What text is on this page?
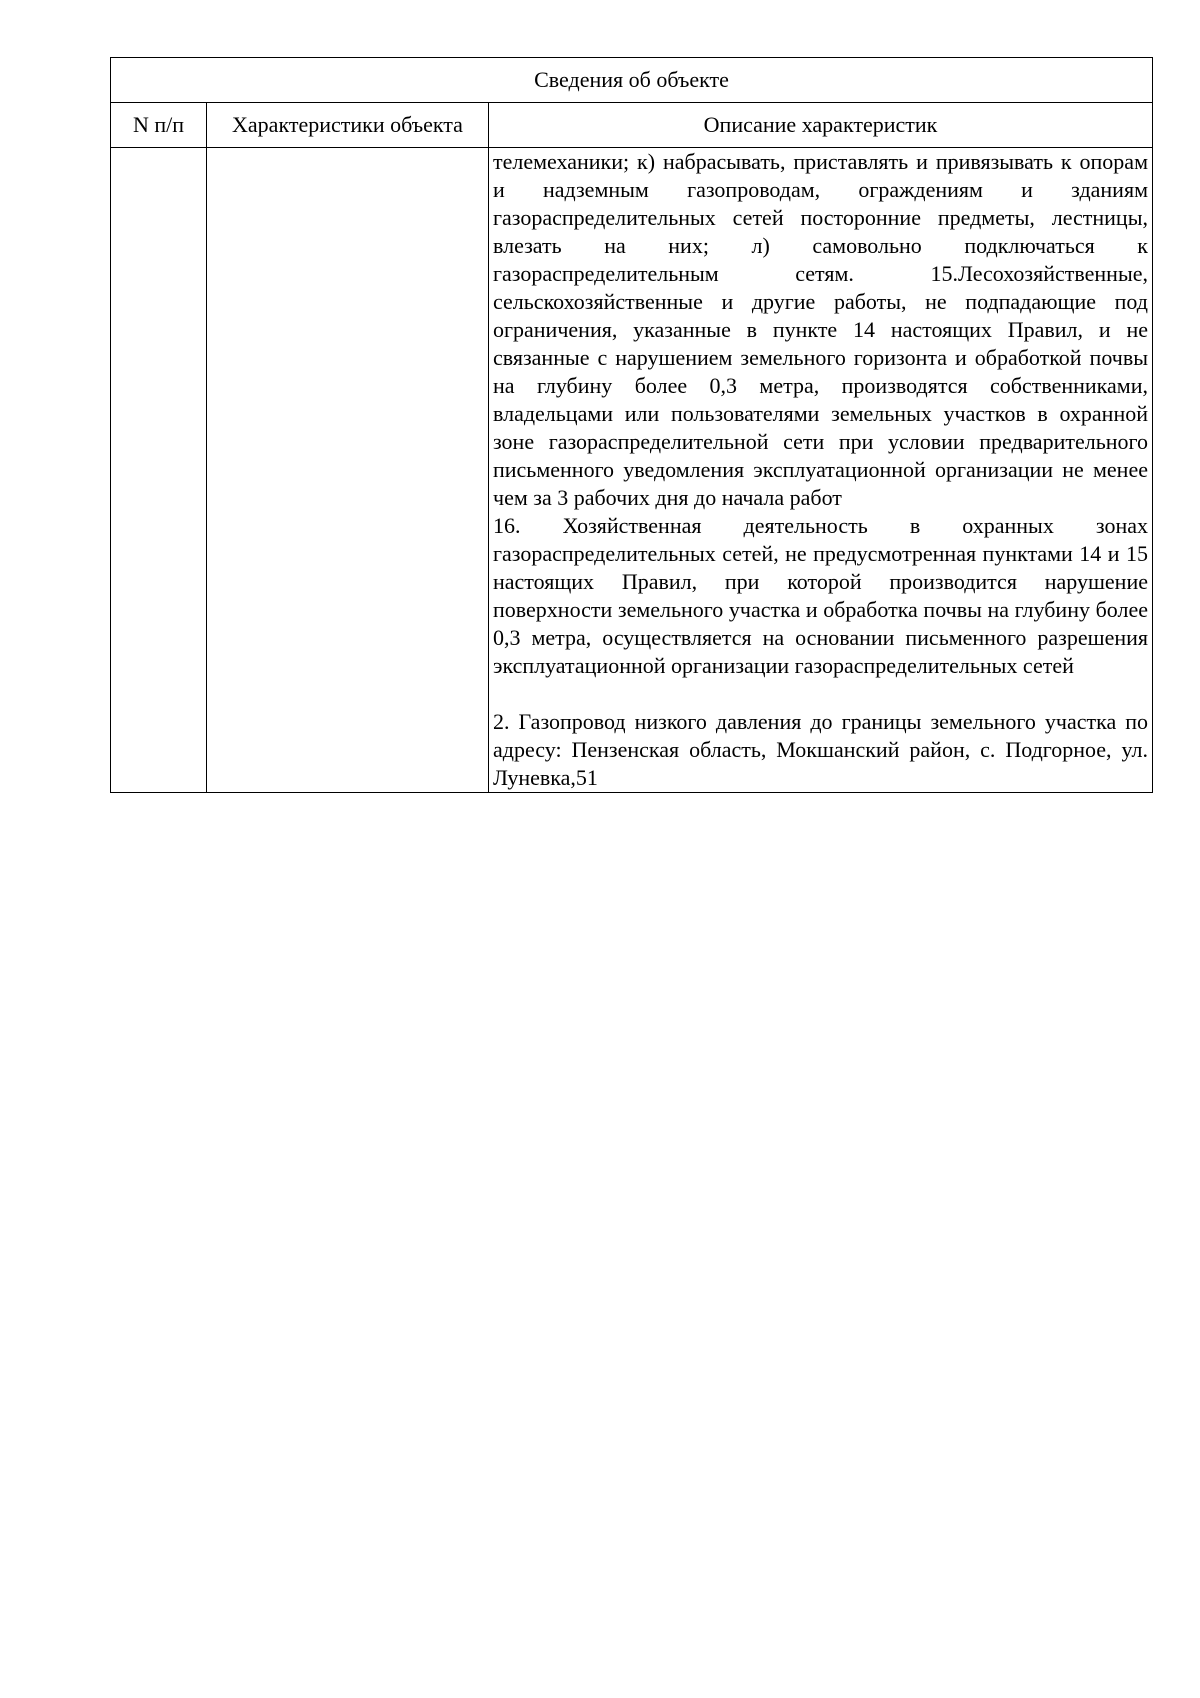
Сведения об объекте		
N п/п	Характеристики объекта	Описание характеристик

		телемеханики; к) набрасывать, приставлять и привязывать к опорам и надземным газопроводам, ограждениям и зданиям газораспределительных сетей посторонние предметы, лестницы, влезать на них; л) самовольно подключаться к газораспределительным сетям. 15.Лесохозяйственные, сельскохозяйственные и другие работы, не подпадающие под ограничения, указанные в пункте 14 настоящих Правил, и не связанные с нарушением земельного горизонта и обработкой почвы на глубину более 0,3 метра, производятся собственниками, владельцами или пользователями земельных участков в охранной зоне газораспределительной сети при условии предварительного письменного уведомления эксплуатационной организации не менее чем за 3 рабочих дня до начала работ
16. Хозяйственная деятельность в охранных зонах газораспределительных сетей, не предусмотренная пунктами 14 и 15 настоящих Правил, при которой производится нарушение поверхности земельного участка и обработка почвы на глубину более 0,3 метра, осуществляется на основании письменного разрешения эксплуатационной организации газораспределительных сетей
2. Газопровод низкого давления до границы земельного участка по адресу: Пензенская область, Мокшанский район, с. Подгорное, ул. Луневка,51
